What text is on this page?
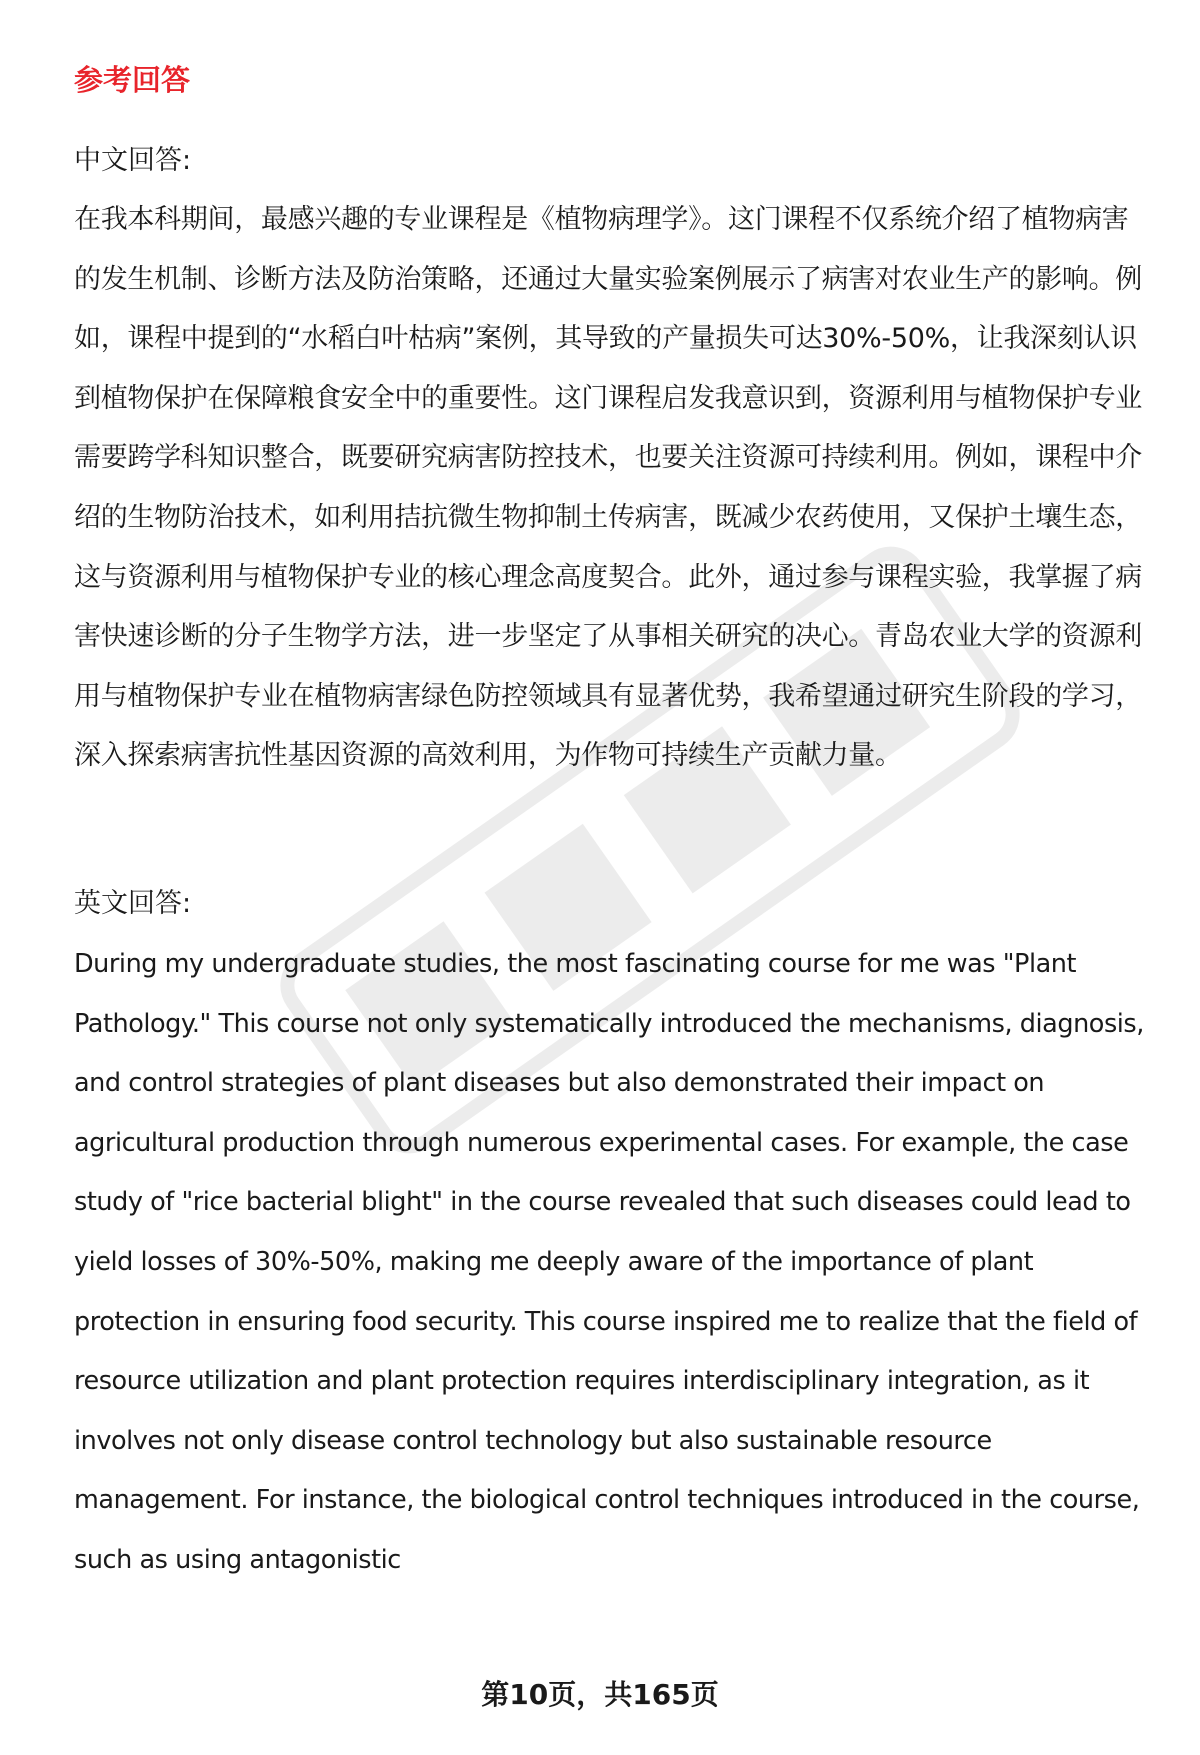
参考回答

中文回答:

在我本科期间，最感兴趣的专业课程是《植物病理学》。这门课程不仅系统介绍了植物病害的发生机制、诊断方法及防治策略，还通过大量实验案例展示了病害对农业生产的影响。例如，课程中提到的“水稻白叶枯病”案例，其导致的产量损失可达30%-50%，让我深刻认识到植物保护在保障粮食安全中的重要性。这门课程启发我意识到，资源利用与植物保护专业需要跨学科知识整合，既要研究病害防控技术，也要关注资源可持续利用。例如，课程中介绍的生物防治技术，如利用拮抗微生物抑制土传病害，既减少农药使用，又保护土壤生态，这与资源利用与植物保护专业的核心理念高度契合。此外，通过参与课程实验，我掌握了病害快速诊断的分子生物学方法，进一步坚定了从事相关研究的决心。青岛农业大学的资源利用与植物保护专业在植物病害绿色防控领域具有显著优势，我希望通过研究生阶段的学习，深入探索病害抗性基因资源的高效利用，为作物可持续生产贡献力量。

英文回答:

During my undergraduate studies, the most fascinating course for me was "Plant Pathology." This course not only systematically introduced the mechanisms, diagnosis, and control strategies of plant diseases but also demonstrated their impact on agricultural production through numerous experimental cases. For example, the case study of "rice bacterial blight" in the course revealed that such diseases could lead to yield losses of 30%-50%, making me deeply aware of the importance of plant protection in ensuring food security. This course inspired me to realize that the field of resource utilization and plant protection requires interdisciplinary integration, as it involves not only disease control technology but also sustainable resource management. For instance, the biological control techniques introduced in the course, such as using antagonistic

第10页，共165页
